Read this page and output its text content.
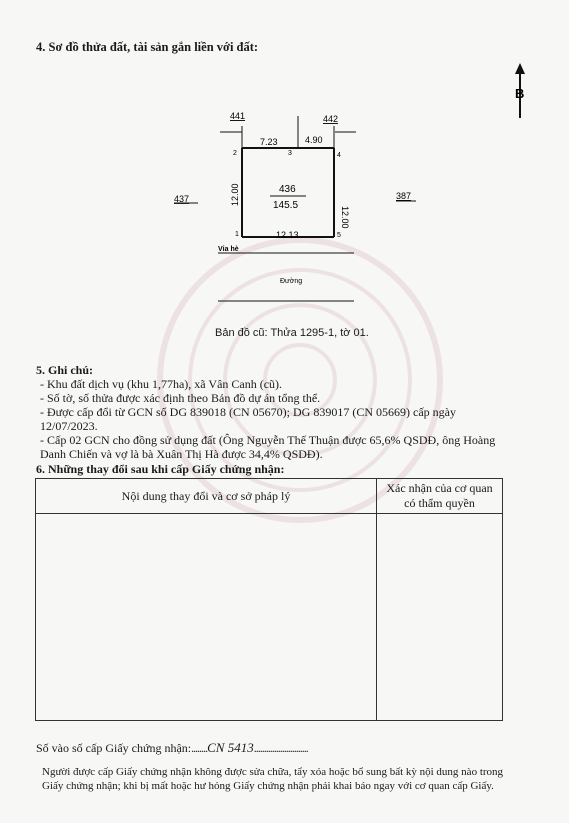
4. Sơ đồ thửa đất, tài sản gắn liền với đất:
B
441	442
437	387
7.23	4.90
12.13
12.00
12.00
2	3	4
1	5
436
145.5
Vỉa hè
Đường
Bản đồ cũ: Thửa 1295-1, tờ 01.
5. Ghi chú:
- Khu đất dịch vụ (khu 1,77ha), xã Vân Canh (cũ).
- Số tờ, số thửa được xác định theo Bản đồ dự án tổng thể.
- Được cấp đổi từ GCN số DG 839018 (CN 05670); DG 839017 (CN 05669) cấp ngày
12/07/2023.
- Cấp 02 GCN cho đồng sử dụng đất (Ông Nguyễn Thế Thuận được 65,6% QSDĐ, ông Hoàng
Danh Chiến và vợ là bà Xuân Thị Hà được 34,4% QSDĐ).
6. Những thay đổi sau khi cấp Giấy chứng nhận:
Nội dung thay đổi và cơ sở pháp lý	Xác nhận của cơ quan
có thẩm quyền

Số vào số cấp Giấy chứng nhận:........CN 5413...........................
Người được cấp Giấy chứng nhận không được sửa chữa, tẩy xóa hoặc bổ sung bất kỳ nội dung nào trong
Giấy chứng nhận; khi bị mất hoặc hư hỏng Giấy chứng nhận phải khai báo ngay với cơ quan cấp Giấy.
